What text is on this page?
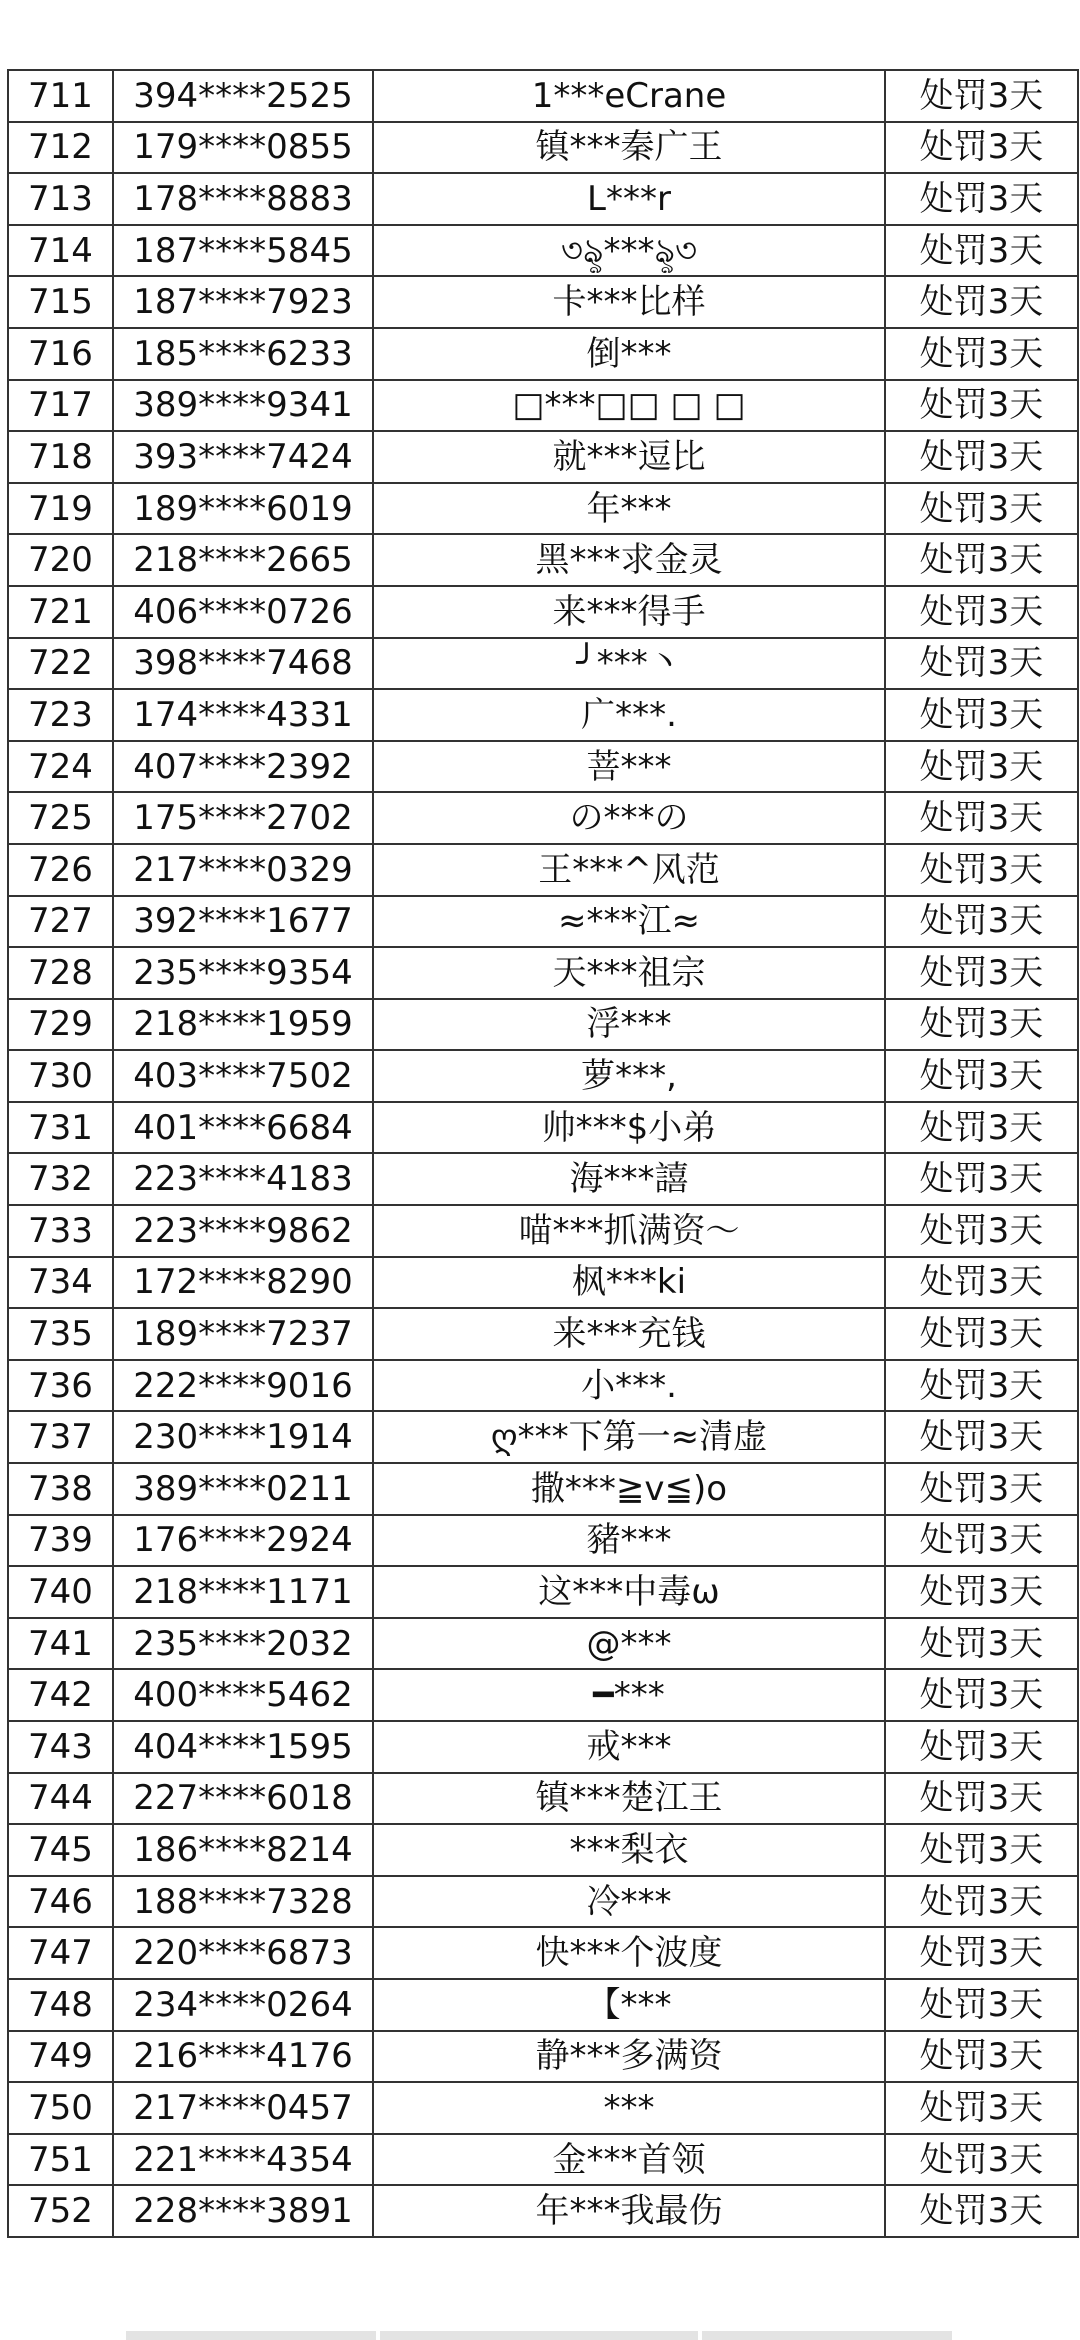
711	394****2525	1***eCrane	处罚3天
712	179****0855	镇***秦广王	处罚3天
713	178****8883	L***r	处罚3天
714	187****5845	৩ৡ***ৡ৩	处罚3天
715	187****7923	卡***比样	处罚3天
716	185****6233	倒***	处罚3天
717	389****9341	□***□□ □ □	处罚3天
718	393****7424	就***逗比	处罚3天
719	189****6019	年***	处罚3天
720	218****2665	黑***求金灵	处罚3天
721	406****0726	来***得手	处罚3天
722	398****7468	╯***丶	处罚3天
723	174****4331	广***.	处罚3天
724	407****2392	菩***	处罚3天
725	175****2702	の***の	处罚3天
726	217****0329	王***^风范	处罚3天
727	392****1677	≈***江≈	处罚3天
728	235****9354	天***祖宗	处罚3天
729	218****1959	浮***	处罚3天
730	403****7502	萝***,	处罚3天
731	401****6684	帅***$小弟	处罚3天
732	223****4183	海***譆	处罚3天
733	223****9862	喵***抓满资～	处罚3天
734	172****8290	枫***ki	处罚3天
735	189****7237	来***充钱	处罚3天
736	222****9016	小***.	处罚3天
737	230****1914	ღ***下第一≈清虚	处罚3天
738	389****0211	撒***≧v≦)o	处罚3天
739	176****2924	豬***	处罚3天
740	218****1171	这***中毒ω	处罚3天
741	235****2032	@***	处罚3天
742	400****5462	━***	处罚3天
743	404****1595	戒***	处罚3天
744	227****6018	镇***楚江王	处罚3天
745	186****8214	***梨衣	处罚3天
746	188****7328	冷***	处罚3天
747	220****6873	快***个波度	处罚3天
748	234****0264	【***	处罚3天
749	216****4176	静***多满资	处罚3天
750	217****0457	***	处罚3天
751	221****4354	金***首领	处罚3天
752	228****3891	年***我最伤	处罚3天
